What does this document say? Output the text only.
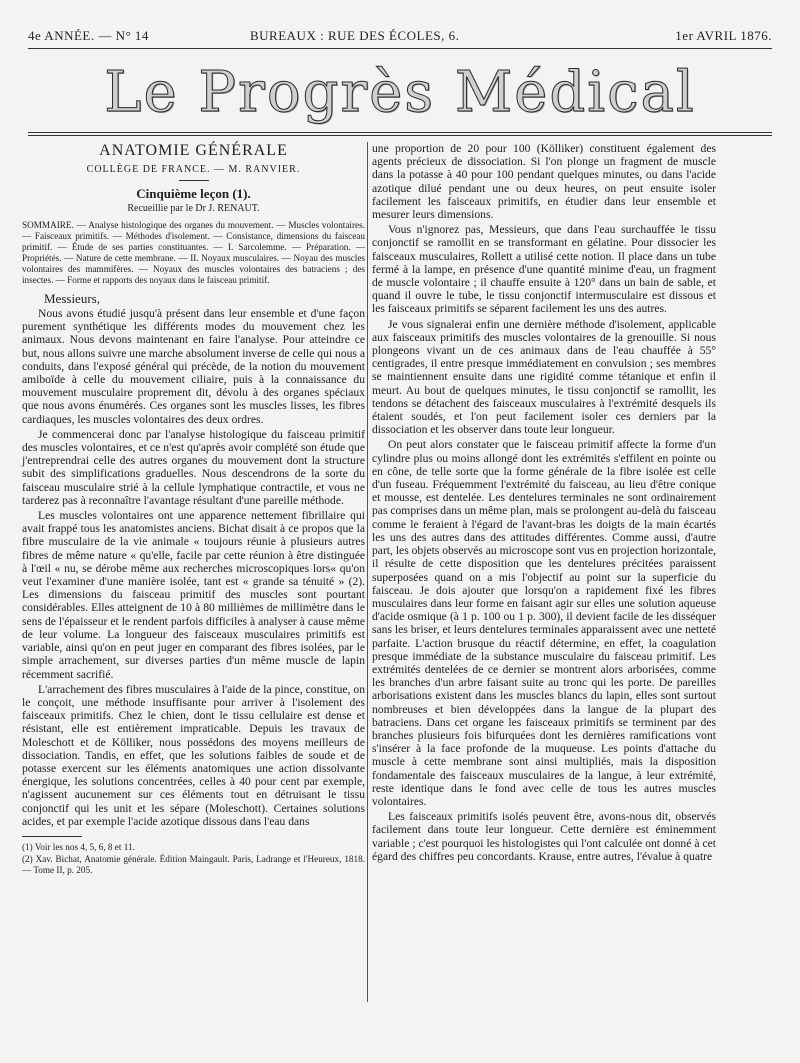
4e ANNÉE. — N° 14	BUREAUX : RUE DES ÉCOLES, 6.	1er AVRIL 1876.
Le Progrès Médical
ANATOMIE GÉNÉRALE
COLLÈGE DE FRANCE. — M. RANVIER.
Cinquième leçon (1).
Recueillie par le Dr J. RENAUT.
SOMMAIRE. — Analyse histologique des organes du mouvement. — Muscles volontaires. — Faisceaux primitifs. — Méthodes d'isolement. — Consistance, dimensions du faisceau primitif. — Étude de ses parties constituantes. — I. Sarcolemme. — Préparation. — Propriétés. — Nature de cette membrane. — II. Noyaux musculaires. — Noyau des muscles volontaires des mammifères. — Noyaux des muscles volontaires des batraciens ; des insectes. — Forme et rapports des noyaux dans le faisceau primitif.
Messieurs,

Nous avons étudié jusqu'à présent dans leur ensemble et d'une façon purement synthétique les différents modes du mouvement chez les animaux. Nous devons maintenant en faire l'analyse. Pour atteindre ce but, nous allons suivre une marche absolument inverse de celle qui nous a conduits, dans l'exposé général qui précède, de la notion du mouvement amiboïde à celle du mouvement ciliaire, puis à la connaissance du mouvement musculaire proprement dit, dévolu à des organes spéciaux que nous avons énumérés. Ces organes sont les muscles lisses, les fibres cardiaques, les muscles volontaires des deux ordres.

Je commencerai donc par l'analyse histologique du faisceau primitif des muscles volontaires, et ce n'est qu'après avoir complété son étude que j'entreprendrai celle des autres organes du mouvement dont la structure subit des simplifications graduelles. Nous descendrons de la sorte du faisceau musculaire strié à la cellule lymphatique contractile, et vous ne tarderez pas à reconnaître l'avantage résultant d'une pareille méthode.

Les muscles volontaires ont une apparence nettement fibrillaire qui avait frappé tous les anatomistes anciens. Bichat disait à ce propos que la fibre musculaire de la vie animale « toujours réunie à plusieurs autres fibres de même nature « qu'elle, facile par cette réunion à être distinguée à l'œil « nu, se dérobe même aux recherches microscopiques lors« qu'on veut l'examiner d'une manière isolée, tant est « grande sa ténuité » (2). Les dimensions du faisceau primitif des muscles sont pourtant considérables. Elles atteignent de 10 à 80 millièmes de millimètre dans le sens de l'épaisseur et le rendent parfois difficiles à analyser à cause même de leur volume. La longueur des faisceaux musculaires primitifs est variable, ainsi qu'on en peut juger en comparant des fibres isolées, par le simple arrachement, sur diverses parties d'un même muscle de lapin récemment sacrifié.

L'arrachement des fibres musculaires à l'aide de la pince, constitue, on le conçoit, une méthode insuffisante pour arriver à l'isolement des faisceaux primitifs. Chez le chien, dont le tissu cellulaire est dense et résistant, elle est entièrement impraticable. Depuis les travaux de Moleschott et de Kölliker, nous possédons des moyens meilleurs de dissociation. Tandis, en effet, que les solutions faibles de soude et de potasse exercent sur les éléments anatomiques une action dissolvante énergique, les solutions concentrées, celles à 40 pour cent par exemple, n'agissent aucunement sur ces éléments tout en détruisant le tissu conjonctif qui les unit et les sépare (Moleschott). Certaines solutions acides, et par exemple l'acide azotique dissous dans l'eau dans

(1) Voir les nos 4, 5, 6, 8 et 11.
(2) Xav. Bichat, Anatomie générale. Édition Maingault. Paris, Ladrange et l'Heureux, 1818. — Tome II, p. 205.

une proportion de 20 pour 100 (Kölliker) constituent également des agents précieux de dissociation. Si l'on plonge un fragment de muscle dans la potasse à 40 pour 100 pendant quelques minutes, ou dans l'acide azotique dilué pendant une ou deux heures, on peut ensuite isoler facilement les faisceaux primitifs, en étudier dans leur ensemble et mesurer leurs dimensions.

Vous n'ignorez pas, Messieurs, que dans l'eau surchauffée le tissu conjonctif se ramollit en se transformant en gélatine. Pour dissocier les faisceaux musculaires, Rollett a utilisé cette notion. Il place dans un tube fermé à la lampe, en présence d'une quantité minime d'eau, un fragment de muscle volontaire ; il chauffe ensuite à 120° dans un bain de sable, et quand il ouvre le tube, le tissu conjonctif intermusculaire est dissous et les faisceaux primitifs se séparent facilement les uns des autres.

Je vous signalerai enfin une dernière méthode d'isolement, applicable aux faisceaux primitifs des muscles volontaires de la grenouille. Si nous plongeons vivant un de ces animaux dans de l'eau chauffée à 55° centigrades, il entre presque immédiatement en convulsion ; ses membres se maintiennent ensuite dans une rigidité comme tétanique et enfin il meurt. Au bout de quelques minutes, le tissu conjonctif se ramollit, les tendons se détachent des faisceaux musculaires à l'extrémité desquels ils étaient soudés, et l'on peut facilement isoler ces derniers par la dissociation et les observer dans toute leur longueur.

On peut alors constater que le faisceau primitif affecte la forme d'un cylindre plus ou moins allongé dont les extrémités s'effilent en pointe ou en cône, de telle sorte que la forme générale de la fibre isolée est celle d'un fuseau. Fréquemment l'extrémité du faisceau, au lieu d'être conique et mousse, est dentelée. Les dentelures terminales ne sont ordinairement pas comprises dans un même plan, mais se prolongent au-delà du faisceau comme le feraient à l'égard de l'avant-bras les doigts de la main écartés les uns des autres dans des attitudes différentes. Comme aussi, d'autre part, les objets observés au microscope sont vus en projection horizontale, il résulte de cette disposition que les dentelures précitées paraissent superposées quand on a mis l'objectif au point sur la superficie du faisceau. Je dois ajouter que lorsqu'on a rapidement fixé les fibres musculaires dans leur forme en faisant agir sur elles une solution aqueuse d'acide osmique (à 1 p. 100 ou 1 p. 300), il devient facile de les disséquer sans les briser, et leurs dentelures terminales apparaissent avec une netteté parfaite. L'action brusque du réactif détermine, en effet, la coagulation presque immédiate de la substance musculaire du faisceau primitif. Les extrémités dentelées de ce dernier se montrent alors arborisées, comme les branches d'un arbre faisant suite au tronc qui les porte. De pareilles arborisations existent dans les muscles blancs du lapin, elles sont surtout nombreuses et bien développées dans la langue de la plupart des batraciens. Dans cet organe les faisceaux primitifs se terminent par des branches plusieurs fois bifurquées dont les dernières ramifications vont s'insérer à la face profonde de la muqueuse. Les points d'attache du muscle à cette membrane sont ainsi multipliés, mais la disposition fondamentale des faisceaux musculaires de la langue, à leur extrémité, reste identique dans le fond avec celle de tous les autres muscles volontaires.

Les faisceaux primitifs isolés peuvent être, avons-nous dit, observés facilement dans toute leur longueur. Cette dernière est éminemment variable ; c'est pourquoi les histologistes qui l'ont calculée ont donné à cet égard des chiffres peu concordants. Krause, entre autres, l'évalue à quatre
